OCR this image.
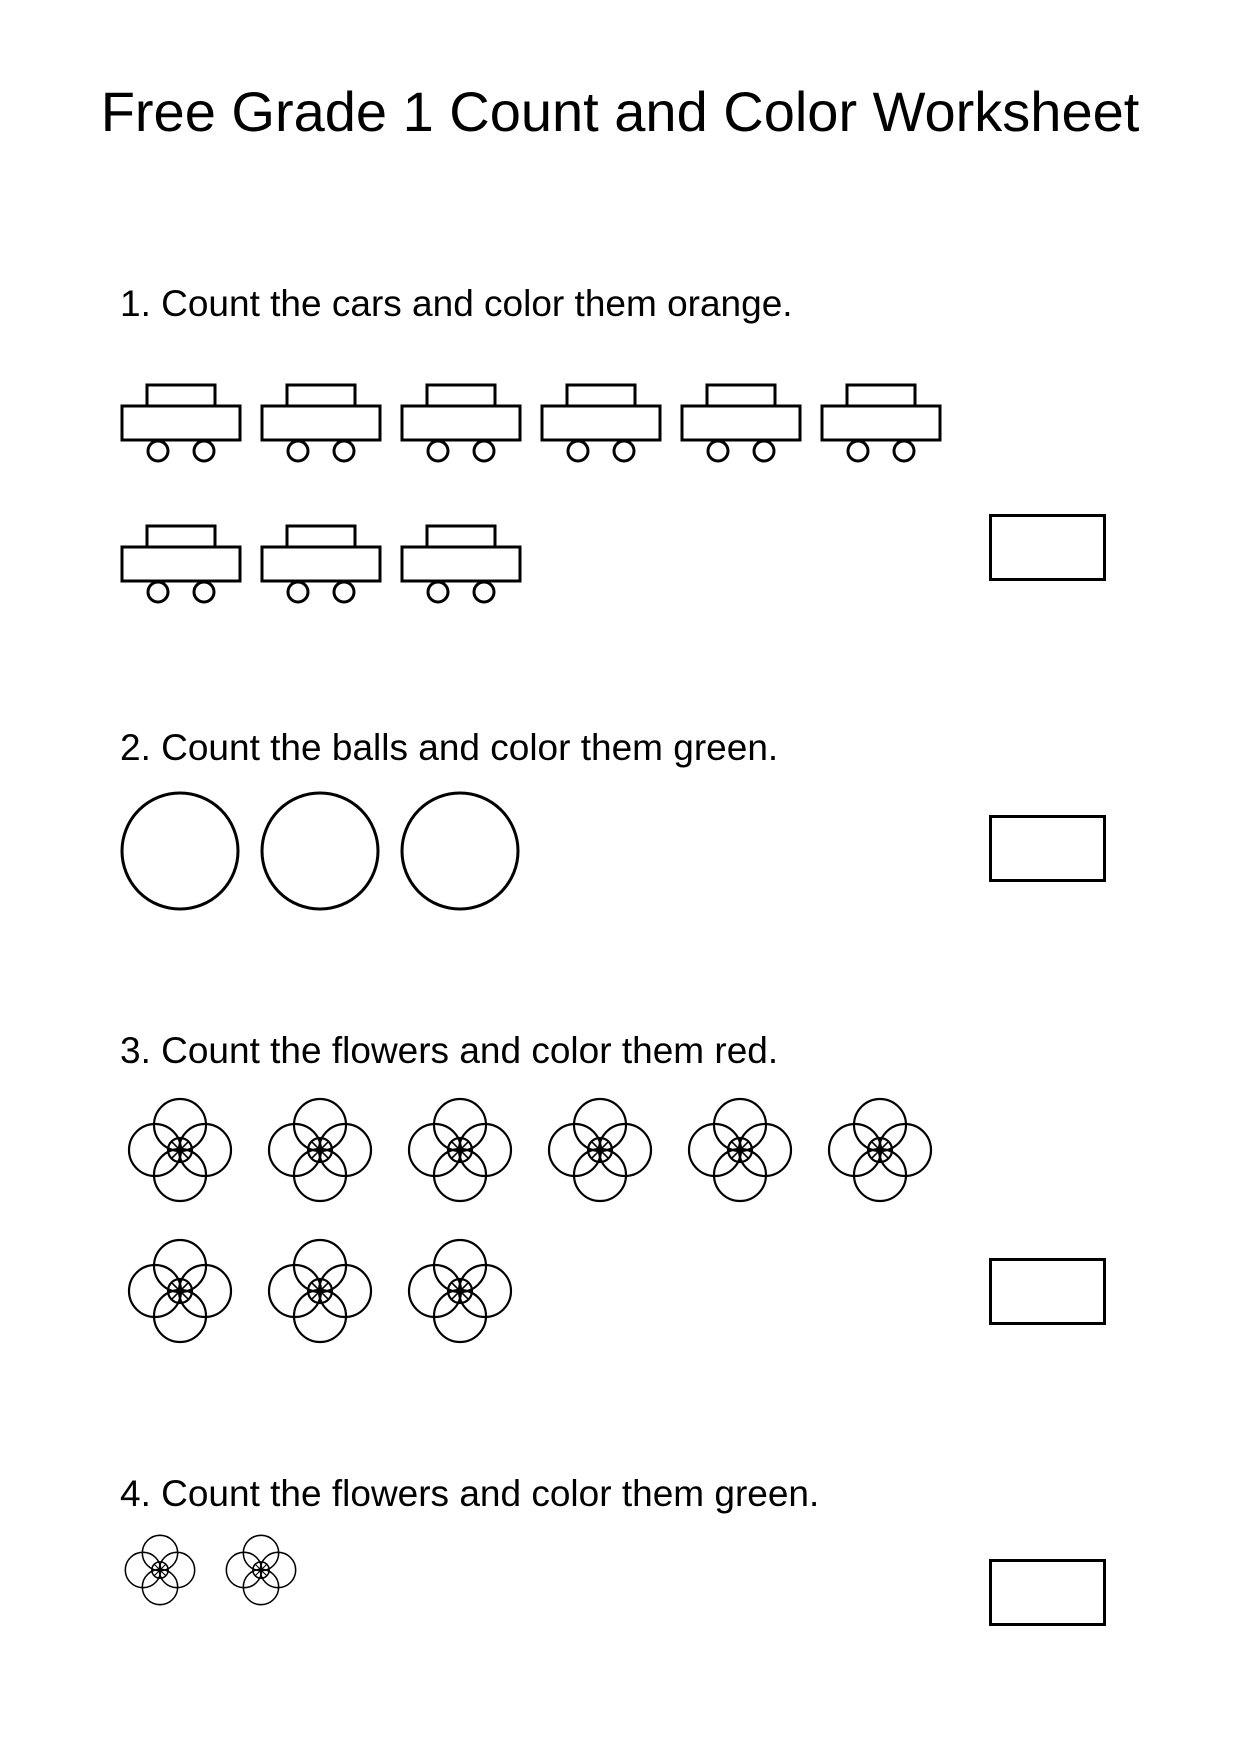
Free Grade 1 Count and Color Worksheet
1. Count the cars and color them orange.
2. Count the balls and color them green.
3. Count the flowers and color them red.
4. Count the flowers and color them green.
